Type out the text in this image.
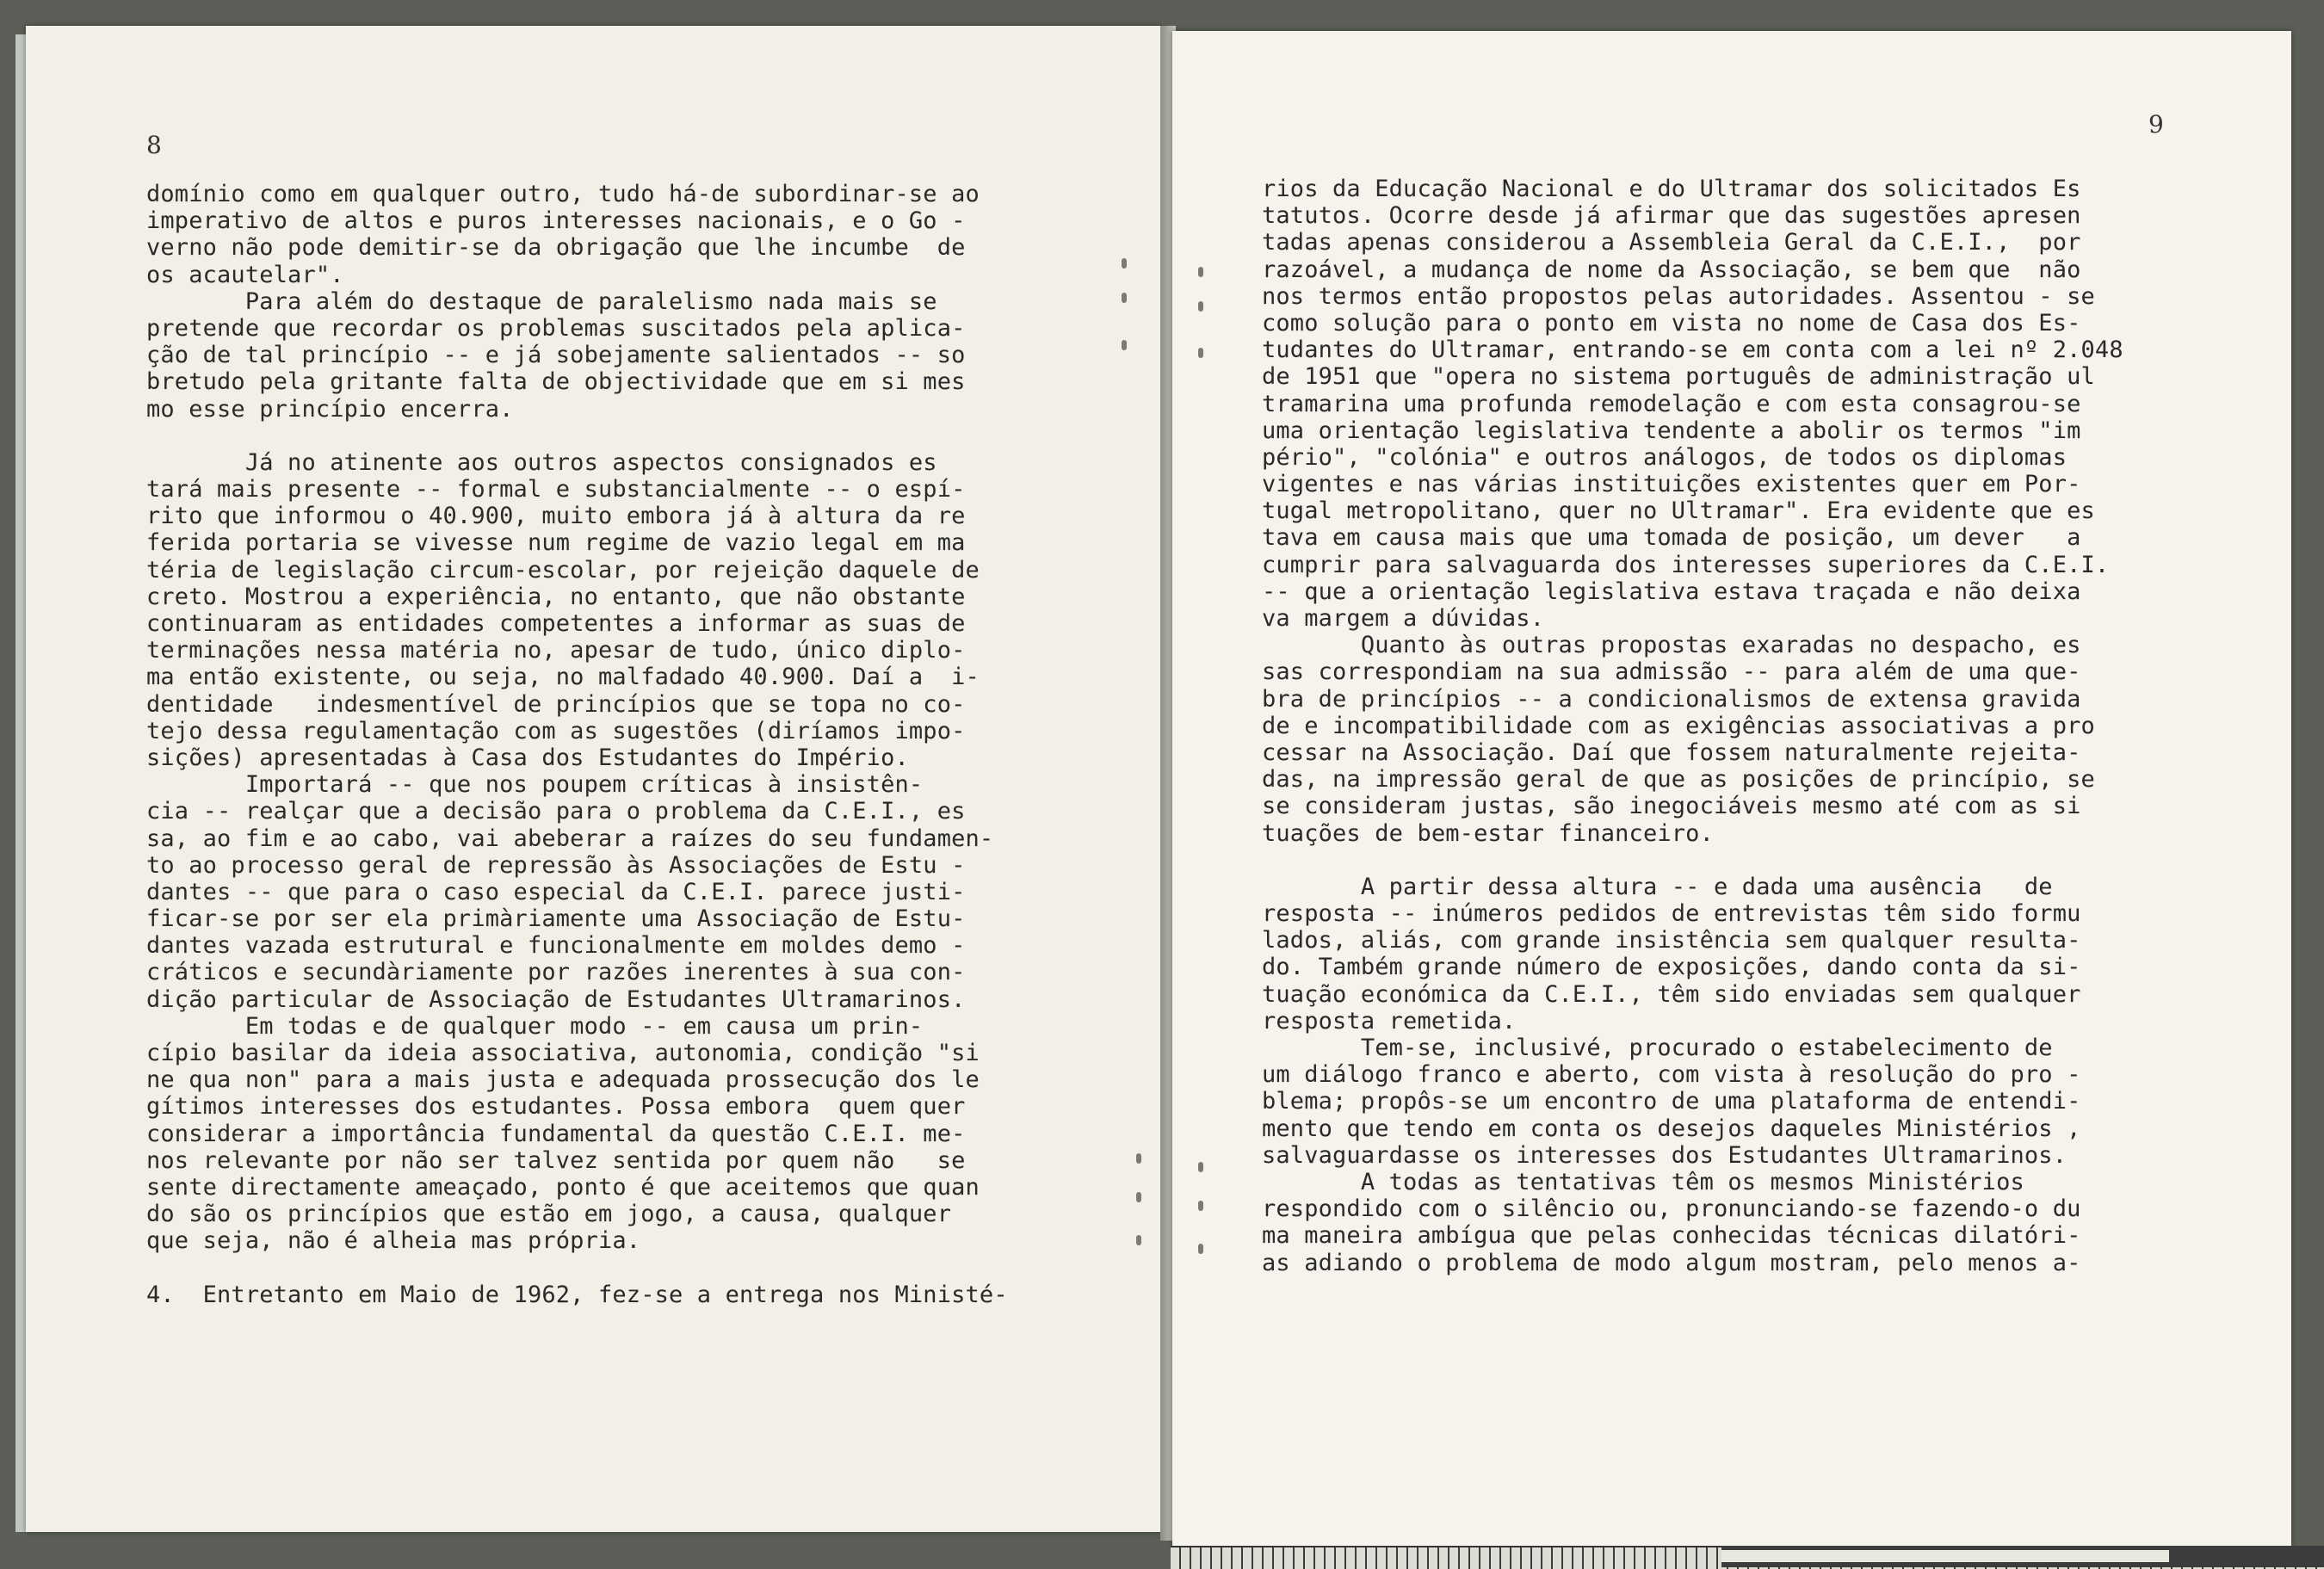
8
9
domínio como em qualquer outro, tudo há-de subordinar-se ao
imperativo de altos e puros interesses nacionais, e o Go -
verno não pode demitir-se da obrigação que lhe incumbe  de
os acautelar".
Para além do destaque de paralelismo nada mais se
pretende que recordar os problemas suscitados pela aplica-
ção de tal princípio -- e já sobejamente salientados -- so
bretudo pela gritante falta de objectividade que em si mes
mo esse princípio encerra.
Já no atinente aos outros aspectos consignados es
tará mais presente -- formal e substancialmente -- o espí-
rito que informou o 40.900, muito embora já à altura da re
ferida portaria se vivesse num regime de vazio legal em ma
téria de legislação circum-escolar, por rejeição daquele de
creto. Mostrou a experiência, no entanto, que não obstante
continuaram as entidades competentes a informar as suas de
terminações nessa matéria no, apesar de tudo, único diplo-
ma então existente, ou seja, no malfadado 40.900. Daí a  i-
dentidade   indesmentível de princípios que se topa no co-
tejo dessa regulamentação com as sugestões (diríamos impo-
sições) apresentadas à Casa dos Estudantes do Império.
Importará -- que nos poupem críticas à insistên-
cia -- realçar que a decisão para o problema da C.E.I., es
sa, ao fim e ao cabo, vai abeberar a raízes do seu fundamen-
to ao processo geral de repressão às Associações de Estu -
dantes -- que para o caso especial da C.E.I. parece justi-
ficar-se por ser ela primàriamente uma Associação de Estu-
dantes vazada estrutural e funcionalmente em moldes demo -
cráticos e secundàriamente por razões inerentes à sua con-
dição particular de Associação de Estudantes Ultramarinos.
Em todas e de qualquer modo -- em causa um prin-
cípio basilar da ideia associativa, autonomia, condição "si
ne qua non" para a mais justa e adequada prossecução dos le
gítimos interesses dos estudantes. Possa embora  quem quer
considerar a importância fundamental da questão C.E.I. me-
nos relevante por não ser talvez sentida por quem não   se
sente directamente ameaçado, ponto é que aceitemos que quan
do são os princípios que estão em jogo, a causa, qualquer
que seja, não é alheia mas própria.
4.  Entretanto em Maio de 1962, fez-se a entrega nos Ministé-
rios da Educação Nacional e do Ultramar dos solicitados Es
tatutos. Ocorre desde já afirmar que das sugestões apresen
tadas apenas considerou a Assembleia Geral da C.E.I.,  por
razoável, a mudança de nome da Associação, se bem que  não
nos termos então propostos pelas autoridades. Assentou - se
como solução para o ponto em vista no nome de Casa dos Es-
tudantes do Ultramar, entrando-se em conta com a lei nº 2.048
de 1951 que "opera no sistema português de administração ul
tramarina uma profunda remodelação e com esta consagrou-se
uma orientação legislativa tendente a abolir os termos "im
pério", "colónia" e outros análogos, de todos os diplomas
vigentes e nas várias instituições existentes quer em Por-
tugal metropolitano, quer no Ultramar". Era evidente que es
tava em causa mais que uma tomada de posição, um dever   a
cumprir para salvaguarda dos interesses superiores da C.E.I.
-- que a orientação legislativa estava traçada e não deixa
va margem a dúvidas.
Quanto às outras propostas exaradas no despacho, es
sas correspondiam na sua admissão -- para além de uma que-
bra de princípios -- a condicionalismos de extensa gravida
de e incompatibilidade com as exigências associativas a pro
cessar na Associação. Daí que fossem naturalmente rejeita-
das, na impressão geral de que as posições de princípio, se
se consideram justas, são inegociáveis mesmo até com as si
tuações de bem-estar financeiro.
A partir dessa altura -- e dada uma ausência   de
resposta -- inúmeros pedidos de entrevistas têm sido formu
lados, aliás, com grande insistência sem qualquer resulta-
do. Também grande número de exposições, dando conta da si-
tuação económica da C.E.I., têm sido enviadas sem qualquer
resposta remetida.
Tem-se, inclusivé, procurado o estabelecimento de
um diálogo franco e aberto, com vista à resolução do pro -
blema; propôs-se um encontro de uma plataforma de entendi-
mento que tendo em conta os desejos daqueles Ministérios ,
salvaguardasse os interesses dos Estudantes Ultramarinos.
A todas as tentativas têm os mesmos Ministérios
respondido com o silêncio ou, pronunciando-se fazendo-o du
ma maneira ambígua que pelas conhecidas técnicas dilatóri-
as adiando o problema de modo algum mostram, pelo menos a-
